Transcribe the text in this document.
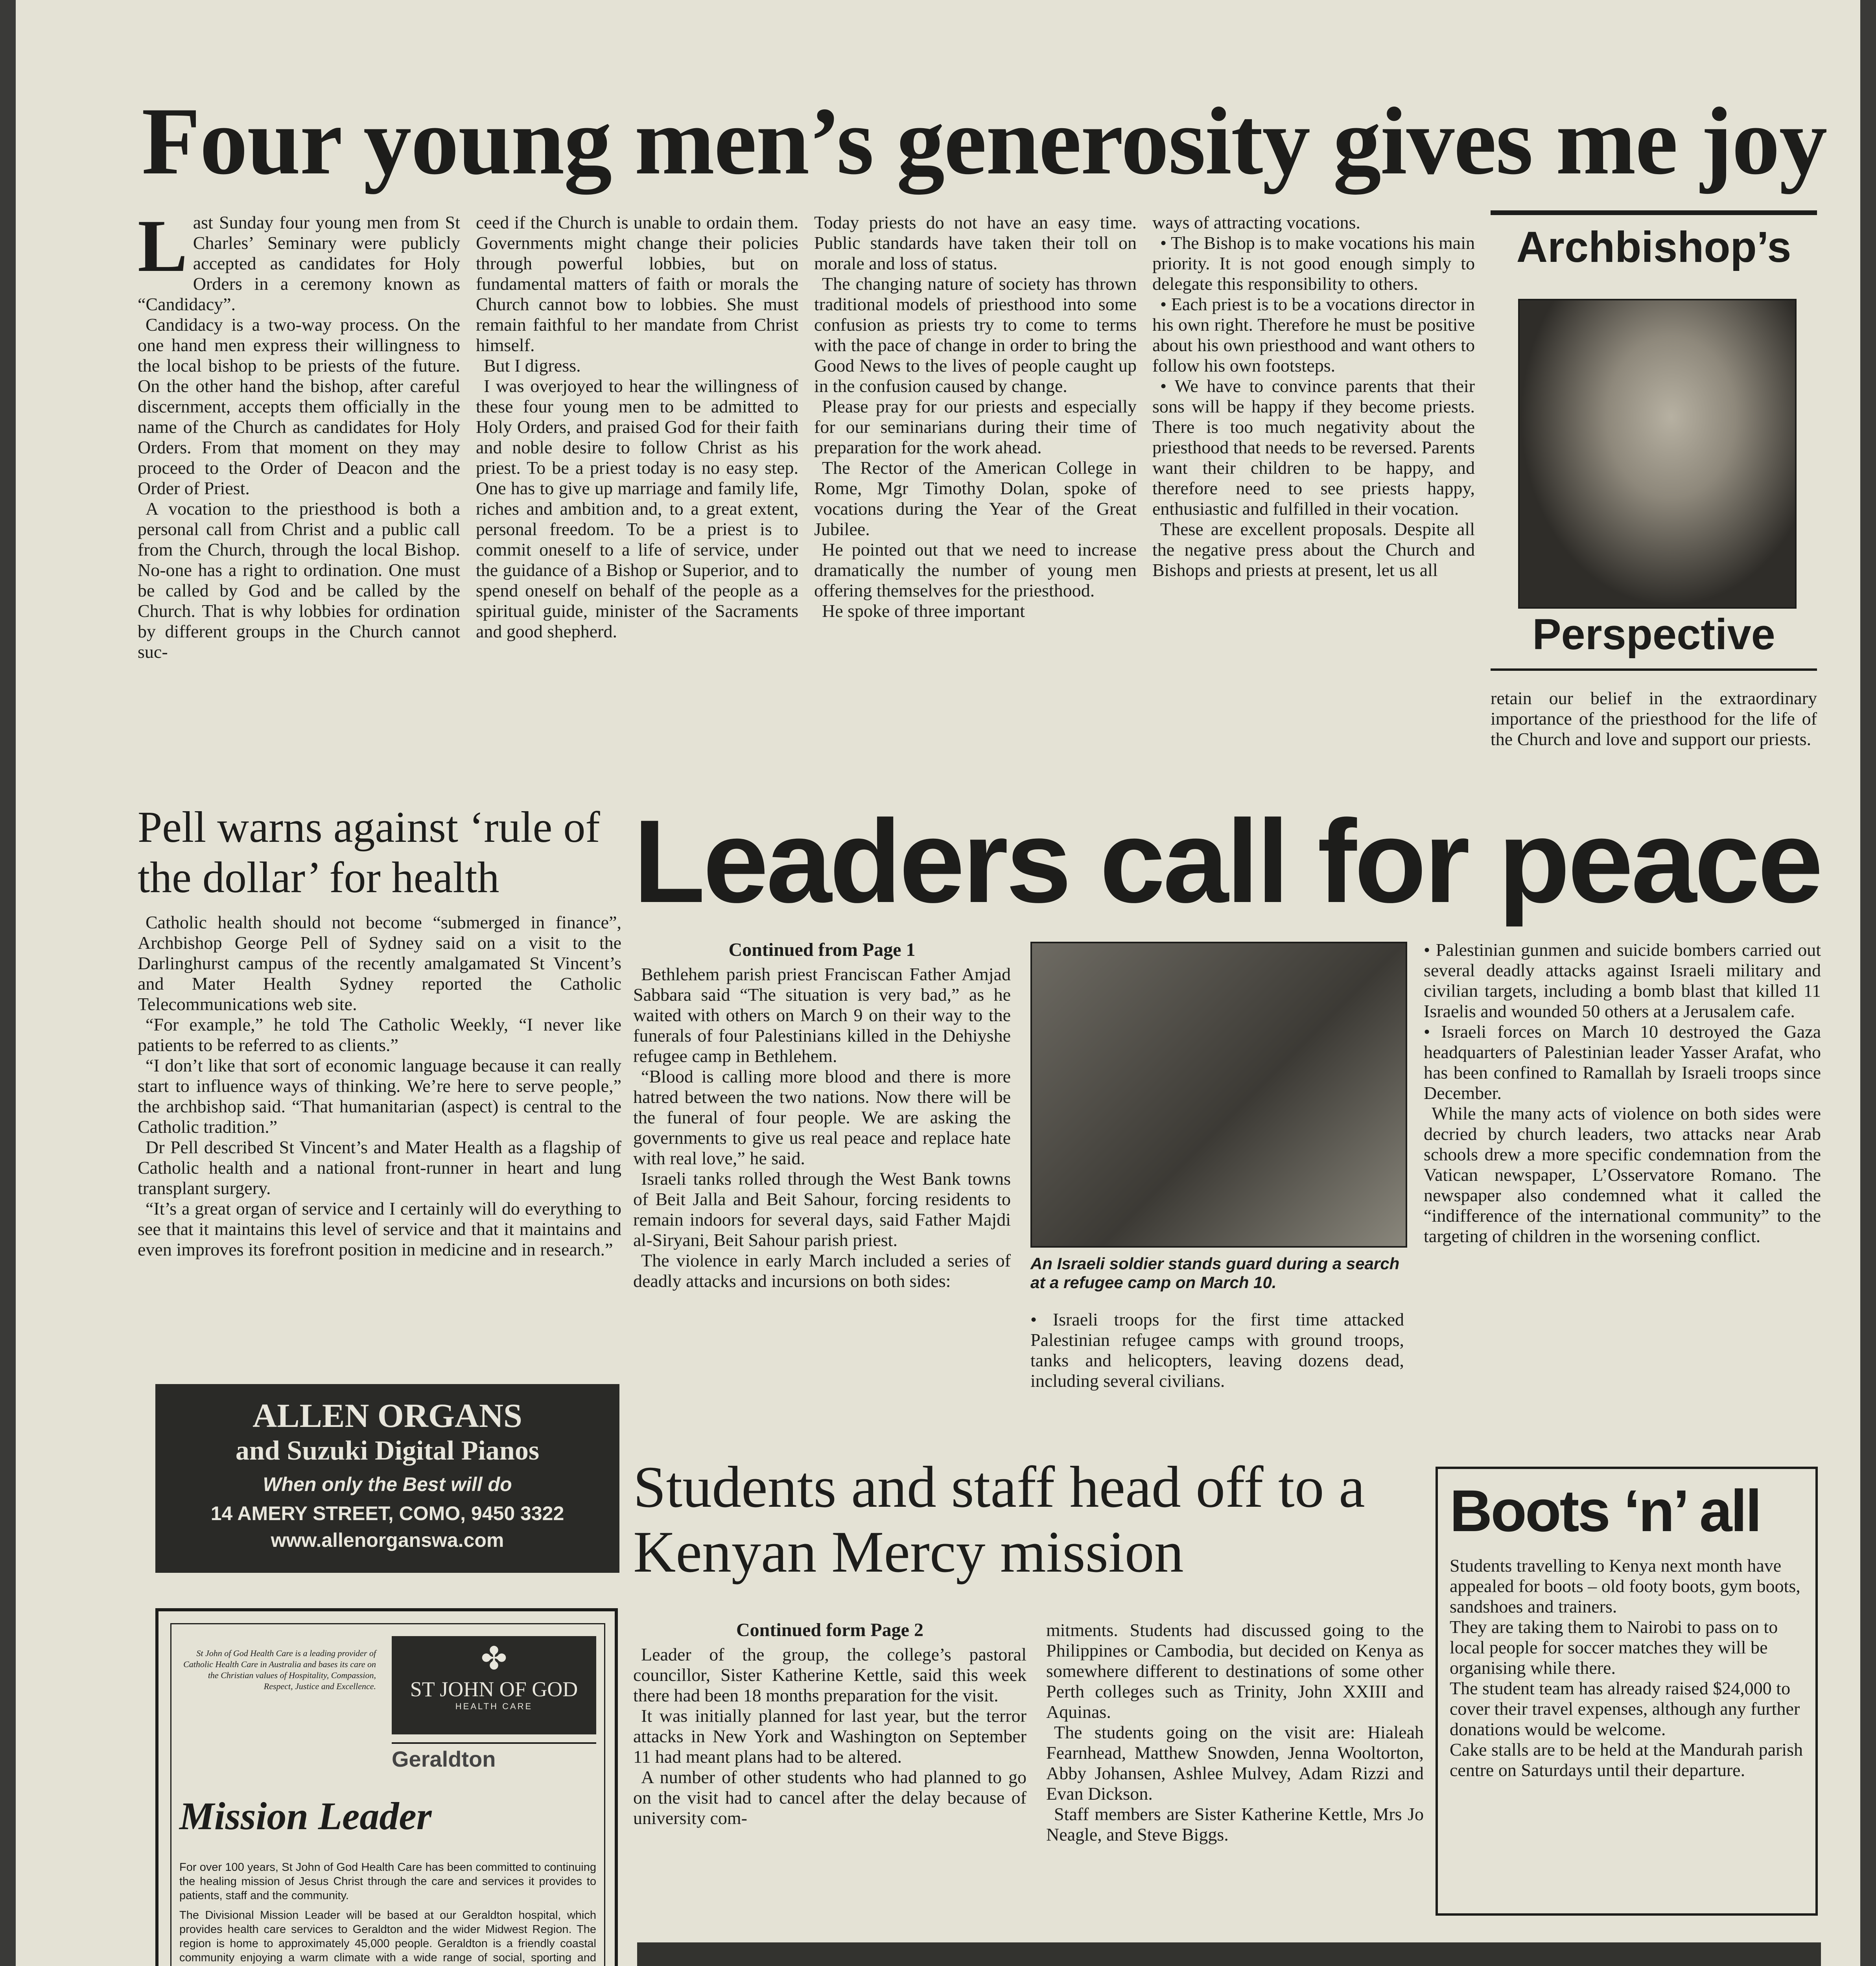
Four young men’s generosity gives me joy
L ast Sunday four young men from St Charles’ Seminary were publicly accepted as candidates for Holy Orders in a ceremony known as “Candidacy”.

Candidacy is a two-way process. On the one hand men express their willingness to the local bishop to be priests of the future. On the other hand the bishop, after careful discernment, accepts them officially in the name of the Church as candidates for Holy Orders. From that moment on they may proceed to the Order of Deacon and the Order of Priest.

A vocation to the priesthood is both a personal call from Christ and a public call from the Church, through the local Bishop. No-one has a right to ordination. One must be called by God and be called by the Church. That is why lobbies for ordination by different groups in the Church cannot suc-

ceed if the Church is unable to ordain them. Governments might change their policies through powerful lobbies, but on fundamental matters of faith or morals the Church cannot bow to lobbies. She must remain faithful to her mandate from Christ himself.

But I digress.

I was overjoyed to hear the willingness of these four young men to be admitted to Holy Orders, and praised God for their faith and noble desire to follow Christ as his priest. To be a priest today is no easy step. One has to give up marriage and family life, riches and ambition and, to a great extent, personal freedom. To be a priest is to commit oneself to a life of service, under the guidance of a Bishop or Superior, and to spend oneself on behalf of the people as a spiritual guide, minister of the Sacraments and good shepherd.

Today priests do not have an easy time. Public standards have taken their toll on morale and loss of status.

The changing nature of society has thrown traditional models of priesthood into some confusion as priests try to come to terms with the pace of change in order to bring the Good News to the lives of people caught up in the confusion caused by change.

Please pray for our priests and especially for our seminarians during their time of preparation for the work ahead.

The Rector of the American College in Rome, Mgr Timothy Dolan, spoke of vocations during the Year of the Great Jubilee.

He pointed out that we need to increase dramatically the number of young men offering themselves for the priesthood.

He spoke of three important

ways of attracting vocations.

• The Bishop is to make vocations his main priority. It is not good enough simply to delegate this responsibility to others.

• Each priest is to be a vocations director in his own right. Therefore he must be positive about his own priesthood and want others to follow his own footsteps.

• We have to convince parents that their sons will be happy if they become priests. There is too much negativity about the priesthood that needs to be reversed. Parents want their children to be happy, and therefore need to see priests happy, enthusiastic and fulfilled in their vocation.

These are excellent proposals. Despite all the negative press about the Church and Bishops and priests at present, let us all

Archbishop’s
Perspective

retain our belief in the extraordinary importance of the priesthood for the life of the Church and love and support our priests.

Pell warns against ‘rule of the dollar’ for health

Catholic health should not become “submerged in finance”, Archbishop George Pell of Sydney said on a visit to the Darlinghurst campus of the recently amalgamated St Vincent’s and Mater Health Sydney reported the Catholic Telecommunications web site.

“For example,” he told The Catholic Weekly, “I never like patients to be referred to as clients.”

“I don’t like that sort of economic language because it can really start to influence ways of thinking. We’re here to serve people,” the archbishop said. “That humanitarian (aspect) is central to the Catholic tradition.”

Dr Pell described St Vincent’s and Mater Health as a flagship of Catholic health and a national front-runner in heart and lung transplant surgery.

“It’s a great organ of service and I certainly will do everything to see that it maintains this level of service and that it maintains and even improves its forefront position in medicine and in research.”

ALLEN ORGANS
and Suzuki Digital Pianos
When only the Best will do
14 AMERY STREET, COMO, 9450 3322
www.allenorganswa.com
St John of God Health Care is a leading provider of Catholic Health Care in Australia and bases its care on the Christian values of Hospitality, Compassion, Respect, Justice and Excellence.
✤
ST JOHN OF GOD
HEALTH CARE
Geraldton
Mission Leader

For over 100 years, St John of God Health Care has been committed to continuing the healing mission of Jesus Christ through the care and services it provides to patients, staff and the community.

The Divisional Mission Leader will be based at our Geraldton hospital, which provides health care services to Geraldton and the wider Midwest Region. The region is home to approximately 45,000 people. Geraldton is a friendly coastal community enjoying a warm climate with a wide range of social, sporting and

Leaders call for peace
Continued from Page 1

Bethlehem parish priest Franciscan Father Amjad Sabbara said “The situation is very bad,” as he waited with others on March 9 on their way to the funerals of four Palestinians killed in the Dehiyshe refugee camp in Bethlehem.

“Blood is calling more blood and there is more hatred between the two nations. Now there will be the funeral of four people. We are asking the governments to give us real peace and replace hate with real love,” he said.

Israeli tanks rolled through the West Bank towns of Beit Jalla and Beit Sahour, forcing residents to remain indoors for several days, said Father Majdi al-Siryani, Beit Sahour parish priest.

The violence in early March included a series of deadly attacks and incursions on both sides:

An Israeli soldier stands guard during a search at a refugee camp on March 10.

• Israeli troops for the first time attacked Palestinian refugee camps with ground troops, tanks and helicopters, leaving dozens dead, including several civilians.

• Palestinian gunmen and suicide bombers carried out several deadly attacks against Israeli military and civilian targets, including a bomb blast that killed 11 Israelis and wounded 50 others at a Jerusalem cafe.

• Israeli forces on March 10 destroyed the Gaza headquarters of Palestinian leader Yasser Arafat, who has been confined to Ramallah by Israeli troops since December.

While the many acts of violence on both sides were decried by church leaders, two attacks near Arab schools drew a more specific condemnation from the Vatican newspaper, L’Osservatore Romano. The newspaper also condemned what it called the “indifference of the international community” to the targeting of children in the worsening conflict.

Students and staff head off to a Kenyan Mercy mission
Continued form Page 2

Leader of the group, the college’s pastoral councillor, Sister Katherine Kettle, said this week there had been 18 months preparation for the visit.

It was initially planned for last year, but the terror attacks in New York and Washington on September 11 had meant plans had to be altered.

A number of other students who had planned to go on the visit had to cancel after the delay because of university com-

mitments. Students had discussed going to the Philippines or Cambodia, but decided on Kenya as somewhere different to destinations of some other Perth colleges such as Trinity, John XXIII and Aquinas.

The students going on the visit are: Hialeah Fearnhead, Matthew Snowden, Jenna Wooltorton, Abby Johansen, Ashlee Mulvey, Adam Rizzi and Evan Dickson.

Staff members are Sister Katherine Kettle, Mrs Jo Neagle, and Steve Biggs.

Boots ‘n’ all

Students travelling to Kenya next month have appealed for boots – old footy boots, gym boots, sandshoes and trainers.

They are taking them to Nairobi to pass on to local people for soccer matches they will be organising while there.

The student team has already raised $24,000 to cover their travel expenses, although any further donations would be welcome.

Cake stalls are to be held at the Mandurah parish centre on Saturdays until their departure.
